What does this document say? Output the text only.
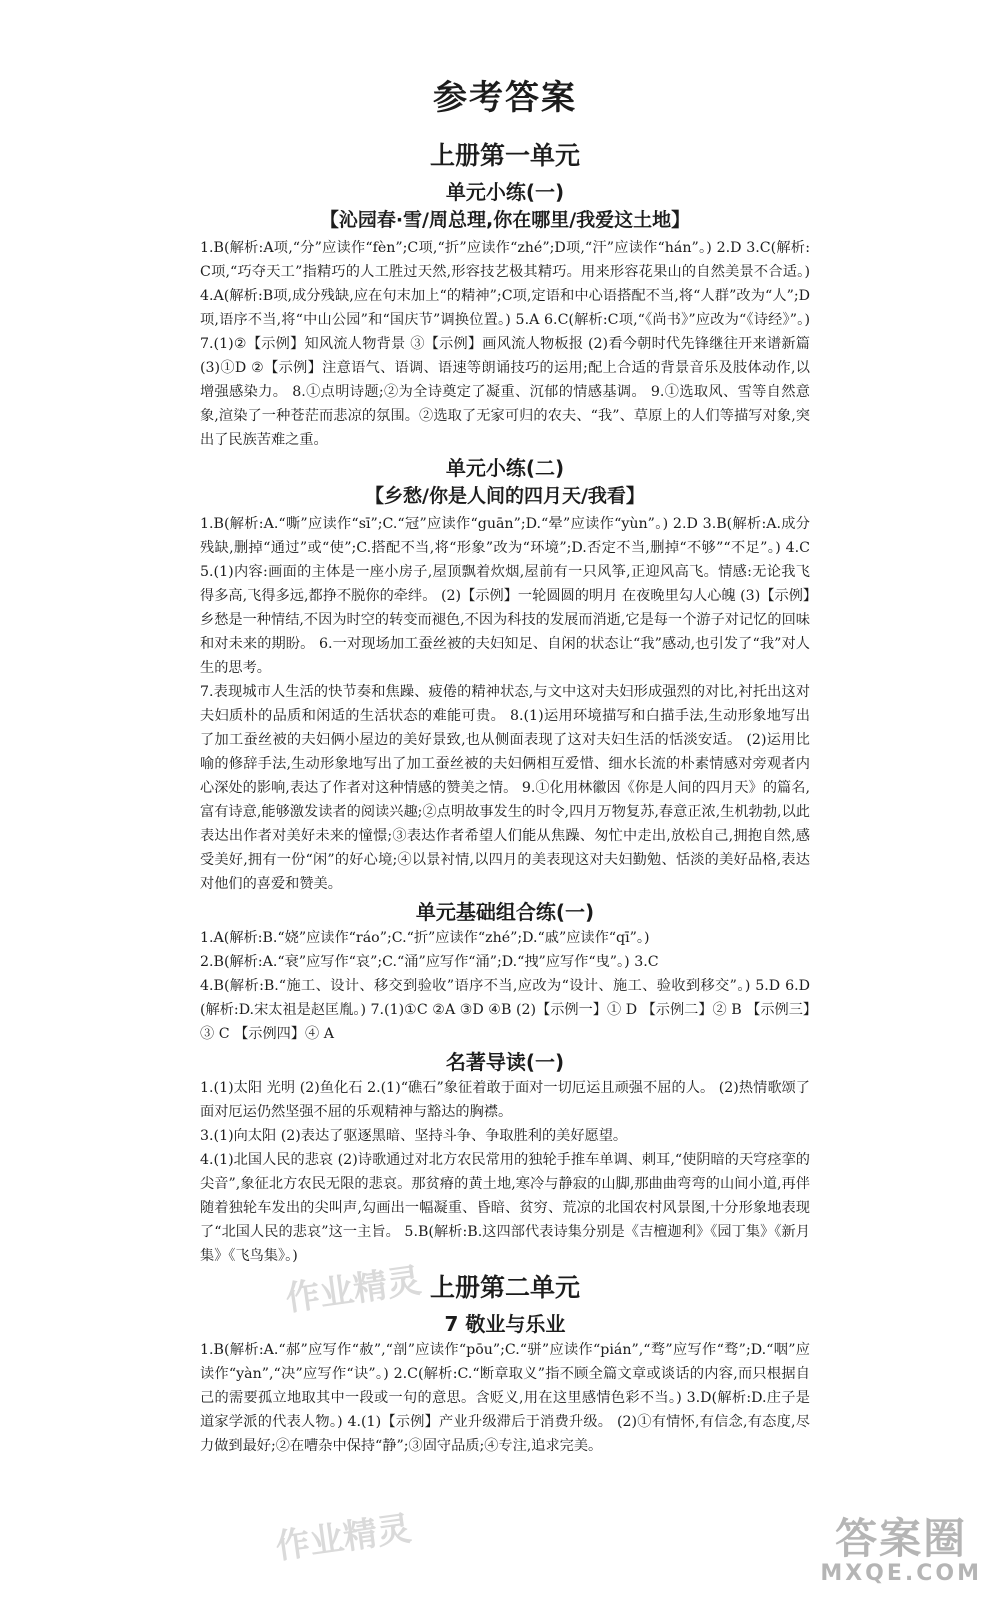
参考答案
上册第一单元
单元小练(一)
【沁园春·雪/周总理,你在哪里/我爱这土地】

1.B(解析:A项,“分”应读作“fèn”;C项,“折”应读作“zhé”;D项,“汗”应读作“hán”。) 2.D 3.C(解析:C项,“巧夺天工”指精巧的人工胜过天然,形容技艺极其精巧。用来形容花果山的自然美景不合适。) 4.A(解析:B项,成分残缺,应在句末加上“的精神”;C项,定语和中心语搭配不当,将“人群”改为“人”;D项,语序不当,将“中山公园”和“国庆节”调换位置。) 5.A 6.C(解析:C项,“《尚书》”应改为“《诗经》”。) 7.(1)②【示例】知风流人物背景 ③【示例】画风流人物板报 (2)看今朝时代先锋继往开来谱新篇 (3)①D ②【示例】注意语气、语调、语速等朗诵技巧的运用;配上合适的背景音乐及肢体动作,以增强感染力。 8.①点明诗题;②为全诗奠定了凝重、沉郁的情感基调。 9.①选取风、雪等自然意象,渲染了一种苍茫而悲凉的氛围。②选取了无家可归的农夫、“我”、草原上的人们等描写对象,突出了民族苦难之重。

单元小练(二)
【乡愁/你是人间的四月天/我看】

1.B(解析:A.“嘶”应读作“sī”;C.“冠”应读作“guān”;D.“晕”应读作“yùn”。) 2.D 3.B(解析:A.成分残缺,删掉“通过”或“使”;C.搭配不当,将“形象”改为“环境”;D.否定不当,删掉“不够”“不足”。) 4.C 5.(1)内容:画面的主体是一座小房子,屋顶飘着炊烟,屋前有一只风筝,正迎风高飞。情感:无论我飞得多高,飞得多远,都挣不脱你的牵绊。 (2)【示例】一轮圆圆的明月 在夜晚里勾人心魄 (3)【示例】乡愁是一种情结,不因为时空的转变而褪色,不因为科技的发展而消逝,它是每一个游子对记忆的回味和对未来的期盼。 6.一对现场加工蚕丝被的夫妇知足、自闲的状态让“我”感动,也引发了“我”对人生的思考。

7.表现城市人生活的快节奏和焦躁、疲倦的精神状态,与文中这对夫妇形成强烈的对比,衬托出这对夫妇质朴的品质和闲适的生活状态的难能可贵。 8.(1)运用环境描写和白描手法,生动形象地写出了加工蚕丝被的夫妇俩小屋边的美好景致,也从侧面表现了这对夫妇生活的恬淡安适。 (2)运用比喻的修辞手法,生动形象地写出了加工蚕丝被的夫妇俩相互爱惜、细水长流的朴素情感对旁观者内心深处的影响,表达了作者对这种情感的赞美之情。 9.①化用林徽因《你是人间的四月天》的篇名,富有诗意,能够激发读者的阅读兴趣;②点明故事发生的时令,四月万物复苏,春意正浓,生机勃勃,以此表达出作者对美好未来的憧憬;③表达作者希望人们能从焦躁、匆忙中走出,放松自己,拥抱自然,感受美好,拥有一份“闲”的好心境;④以景衬情,以四月的美表现这对夫妇勤勉、恬淡的美好品格,表达对他们的喜爱和赞美。

单元基础组合练(一)

1.A(解析:B.“娆”应读作“ráo”;C.“折”应读作“zhé”;D.“戚”应读作“qī”。)

2.B(解析:A.“衰”应写作“哀”;C.“涌”应写作“涌”;D.“拽”应写作“曳”。) 3.C

4.B(解析:B.“施工、设计、移交到验收”语序不当,应改为“设计、施工、验收到移交”。) 5.D 6.D(解析:D.宋太祖是赵匡胤。) 7.(1)①C ②A ③D ④B (2)【示例一】① D 【示例二】② B 【示例三】③ C 【示例四】④ A

名著导读(一)

1.(1)太阳 光明 (2)鱼化石 2.(1)“礁石”象征着敢于面对一切厄运且顽强不屈的人。 (2)热情歌颂了面对厄运仍然坚强不屈的乐观精神与豁达的胸襟。

3.(1)向太阳 (2)表达了驱逐黑暗、坚持斗争、争取胜利的美好愿望。

4.(1)北国人民的悲哀 (2)诗歌通过对北方农民常用的独轮手推车单调、刺耳,“使阴暗的天穹痉挛的尖音”,象征北方农民无限的悲哀。那贫瘠的黄土地,寒冷与静寂的山脚,那曲曲弯弯的山间小道,再伴随着独轮车发出的尖叫声,勾画出一幅凝重、昏暗、贫穷、荒凉的北国农村风景图,十分形象地表现了“北国人民的悲哀”这一主旨。 5.B(解析:B.这四部代表诗集分别是《吉檀迦利》《园丁集》《新月集》《飞鸟集》。)

上册第二单元
7 敬业与乐业

1.B(解析:A.“郝”应写作“赦”,“剖”应读作“pōu”;C.“骈”应读作“pián”,“骛”应写作“骛”;D.“咽”应读作“yàn”,“决”应写作“诀”。) 2.C(解析:C.“断章取义”指不顾全篇文章或谈话的内容,而只根据自己的需要孤立地取其中一段或一句的意思。含贬义,用在这里感情色彩不当。) 3.D(解析:D.庄子是道家学派的代表人物。) 4.(1)【示例】产业升级滞后于消费升级。 (2)①有情怀,有信念,有态度,尽力做到最好;②在嘈杂中保持“静”;③固守品质;④专注,追求完美。

作业精灵
作业精灵	答案圈
MXQE.COM
